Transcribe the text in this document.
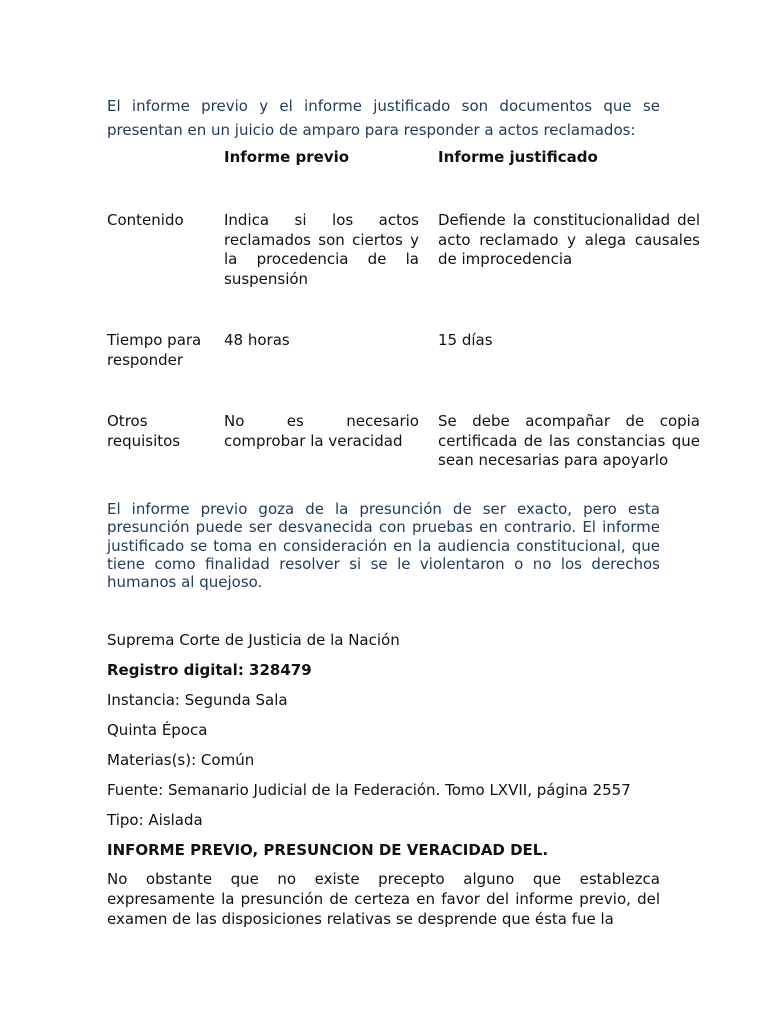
El informe previo y el informe justificado son documentos que se presentan en un juicio de amparo para responder a actos reclamados:

	Informe previo	Informe justificado
Contenido	Indica si los actos reclamados son ciertos y la procedencia de la suspensión	Defiende la constitucionalidad del acto reclamado y alega causales de improcedencia
Tiempo para responder	48 horas	15 días
Otros requisitos	No es necesario comprobar la veracidad	Se debe acompañar de copia certificada de las constancias que sean necesarias para apoyarlo

El informe previo goza de la presunción de ser exacto, pero esta presunción puede ser desvanecida con pruebas en contrario. El informe justificado se toma en consideración en la audiencia constitucional, que tiene como finalidad resolver si se le violentaron o no los derechos humanos al quejoso.

Suprema Corte de Justicia de la Nación

Registro digital: 328479

Instancia: Segunda Sala

Quinta Época

Materias(s): Común

Fuente: Semanario Judicial de la Federación. Tomo LXVII, página 2557

Tipo: Aislada

INFORME PREVIO, PRESUNCION DE VERACIDAD DEL.

No obstante que no existe precepto alguno que establezca expresamente la presunción de certeza en favor del informe previo, del examen de las disposiciones relativas se desprende que ésta fue la
